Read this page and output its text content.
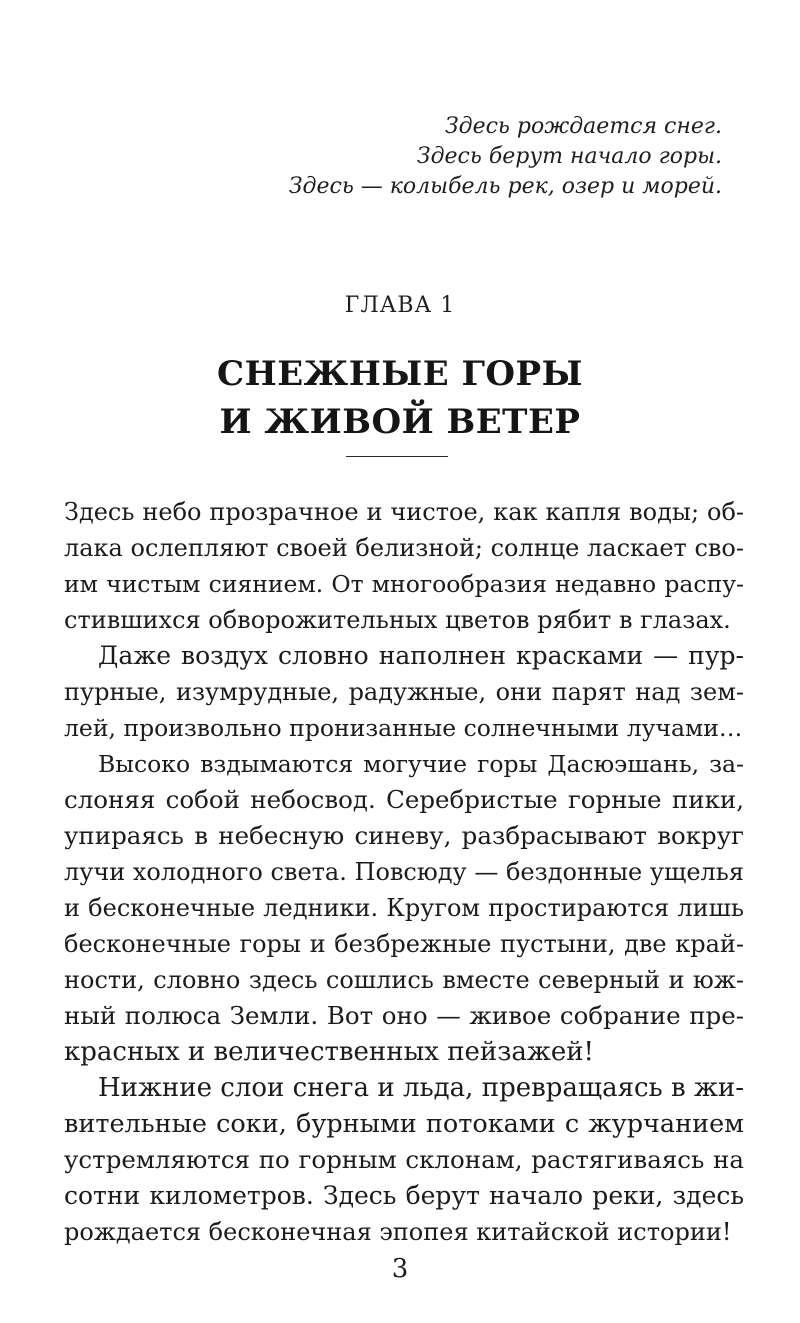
Здесь рождается снег.
Здесь берут начало горы.
Здесь — колыбель рек, озер и морей.
ГЛАВА 1
СНЕЖНЫЕ ГОРЫ
И ЖИВОЙ ВЕТЕР
Здесь небо прозрачное и чистое, как капля воды; об-
лака ослепляют своей белизной; солнце ласкает сво-
им чистым сиянием. От многообразия недавно распу-
стившихся обворожительных цветов рябит в глазах.
Даже воздух словно наполнен красками — пур-
пурные, изумрудные, радужные, они парят над зем-
лей, произвольно пронизанные солнечными лучами…
Высоко вздымаются могучие горы Дасюэшань, за-
слоняя собой небосвод. Серебристые горные пики,
упираясь в небесную синеву, разбрасывают вокруг
лучи холодного света. Повсюду — бездонные ущелья
и бесконечные ледники. Кругом простираются лишь
бесконечные горы и безбрежные пустыни, две край-
ности, словно здесь сошлись вместе северный и юж-
ный полюса Земли. Вот оно — живое собрание пре-
красных и величественных пейзажей!
Нижние слои снега и льда, превращаясь в жи-
вительные соки, бурными потоками с журчанием
устремляются по горным склонам, растягиваясь на
сотни километров. Здесь берут начало реки, здесь
рождается бесконечная эпопея китайской истории!
3
